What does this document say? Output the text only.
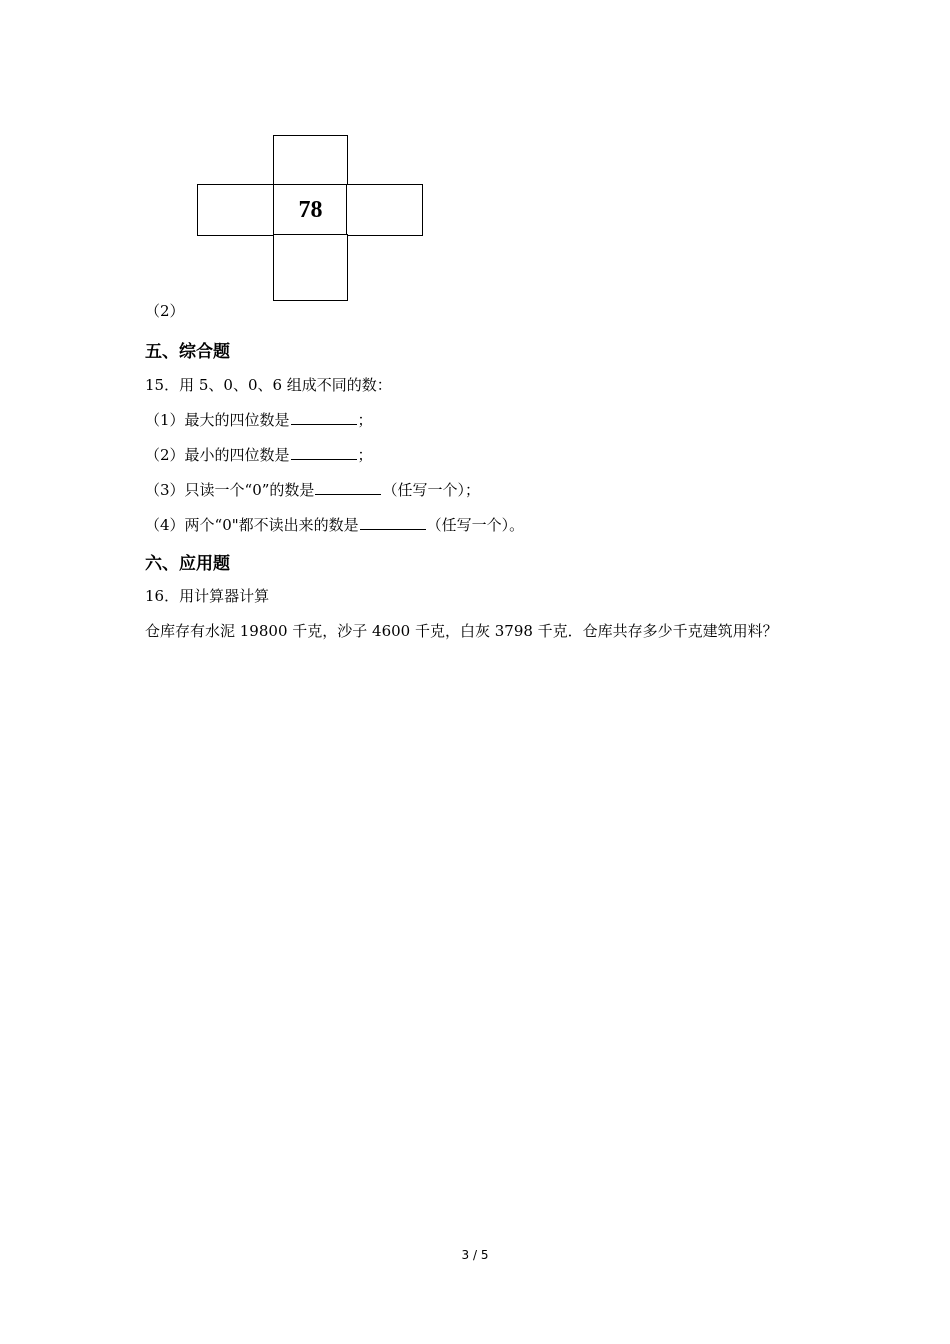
78
（2）
五、综合题
15．用 5、0、0、6 组成不同的数：
（1）最大的四位数是	；
（2）最小的四位数是	；
（3）只读一个“0”的数是	（任写一个）；
（4）两个“0"都不读出来的数是	（任写一个）。
六、应用题
16．用计算器计算
仓库存有水泥 19800 千克，沙子 4600 千克，白灰 3798 千克．仓库共存多少千克建筑用料？
3 / 5
